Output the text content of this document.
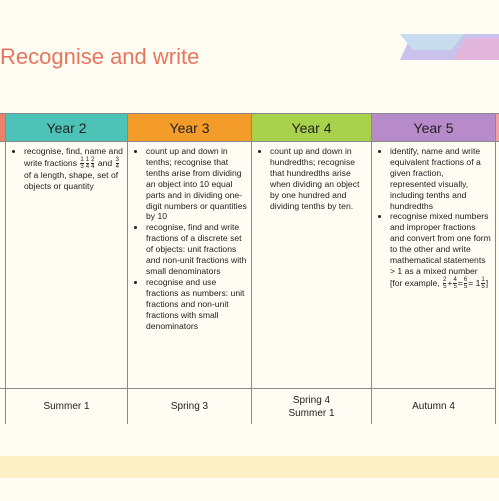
Recognise and write
Year 2
• recognise, find, name and write fractions $\frac{1}{3} \frac{1}{4} \frac{2}{4}$ and $\frac{3}{4}$
of a length, shape, set of objects or quantity
Summer 1
Year 3
• count up and down in tenths; recognise that tenths arise from dividing an object into 10 equal parts and in dividing one-digit numbers or quantities by 10
• recognise, find and write fractions of a discrete set of objects: unit fractions and non-unit fractions with small denominators
• recognise and use fractions as numbers: unit fractions and non-unit fractions with small denominators
Spring 3
Year 4
• count up and down in hundredths; recognise that hundredths arise when dividing an object by one hundred and dividing tenths by ten.
Spring 4
Summer 1
Year 5
• identify, name and write equivalent fractions of a given fraction, represented visually, including tenths and hundredths
• recognise mixed numbers and improper fractions and convert from one form to the other and write mathematical statements > 1 as a mixed number [for example, $\frac{2}{5} + \frac{4}{5} = \frac{6}{5} = 1 \frac{1}{5}$ ]
Autumn 4
